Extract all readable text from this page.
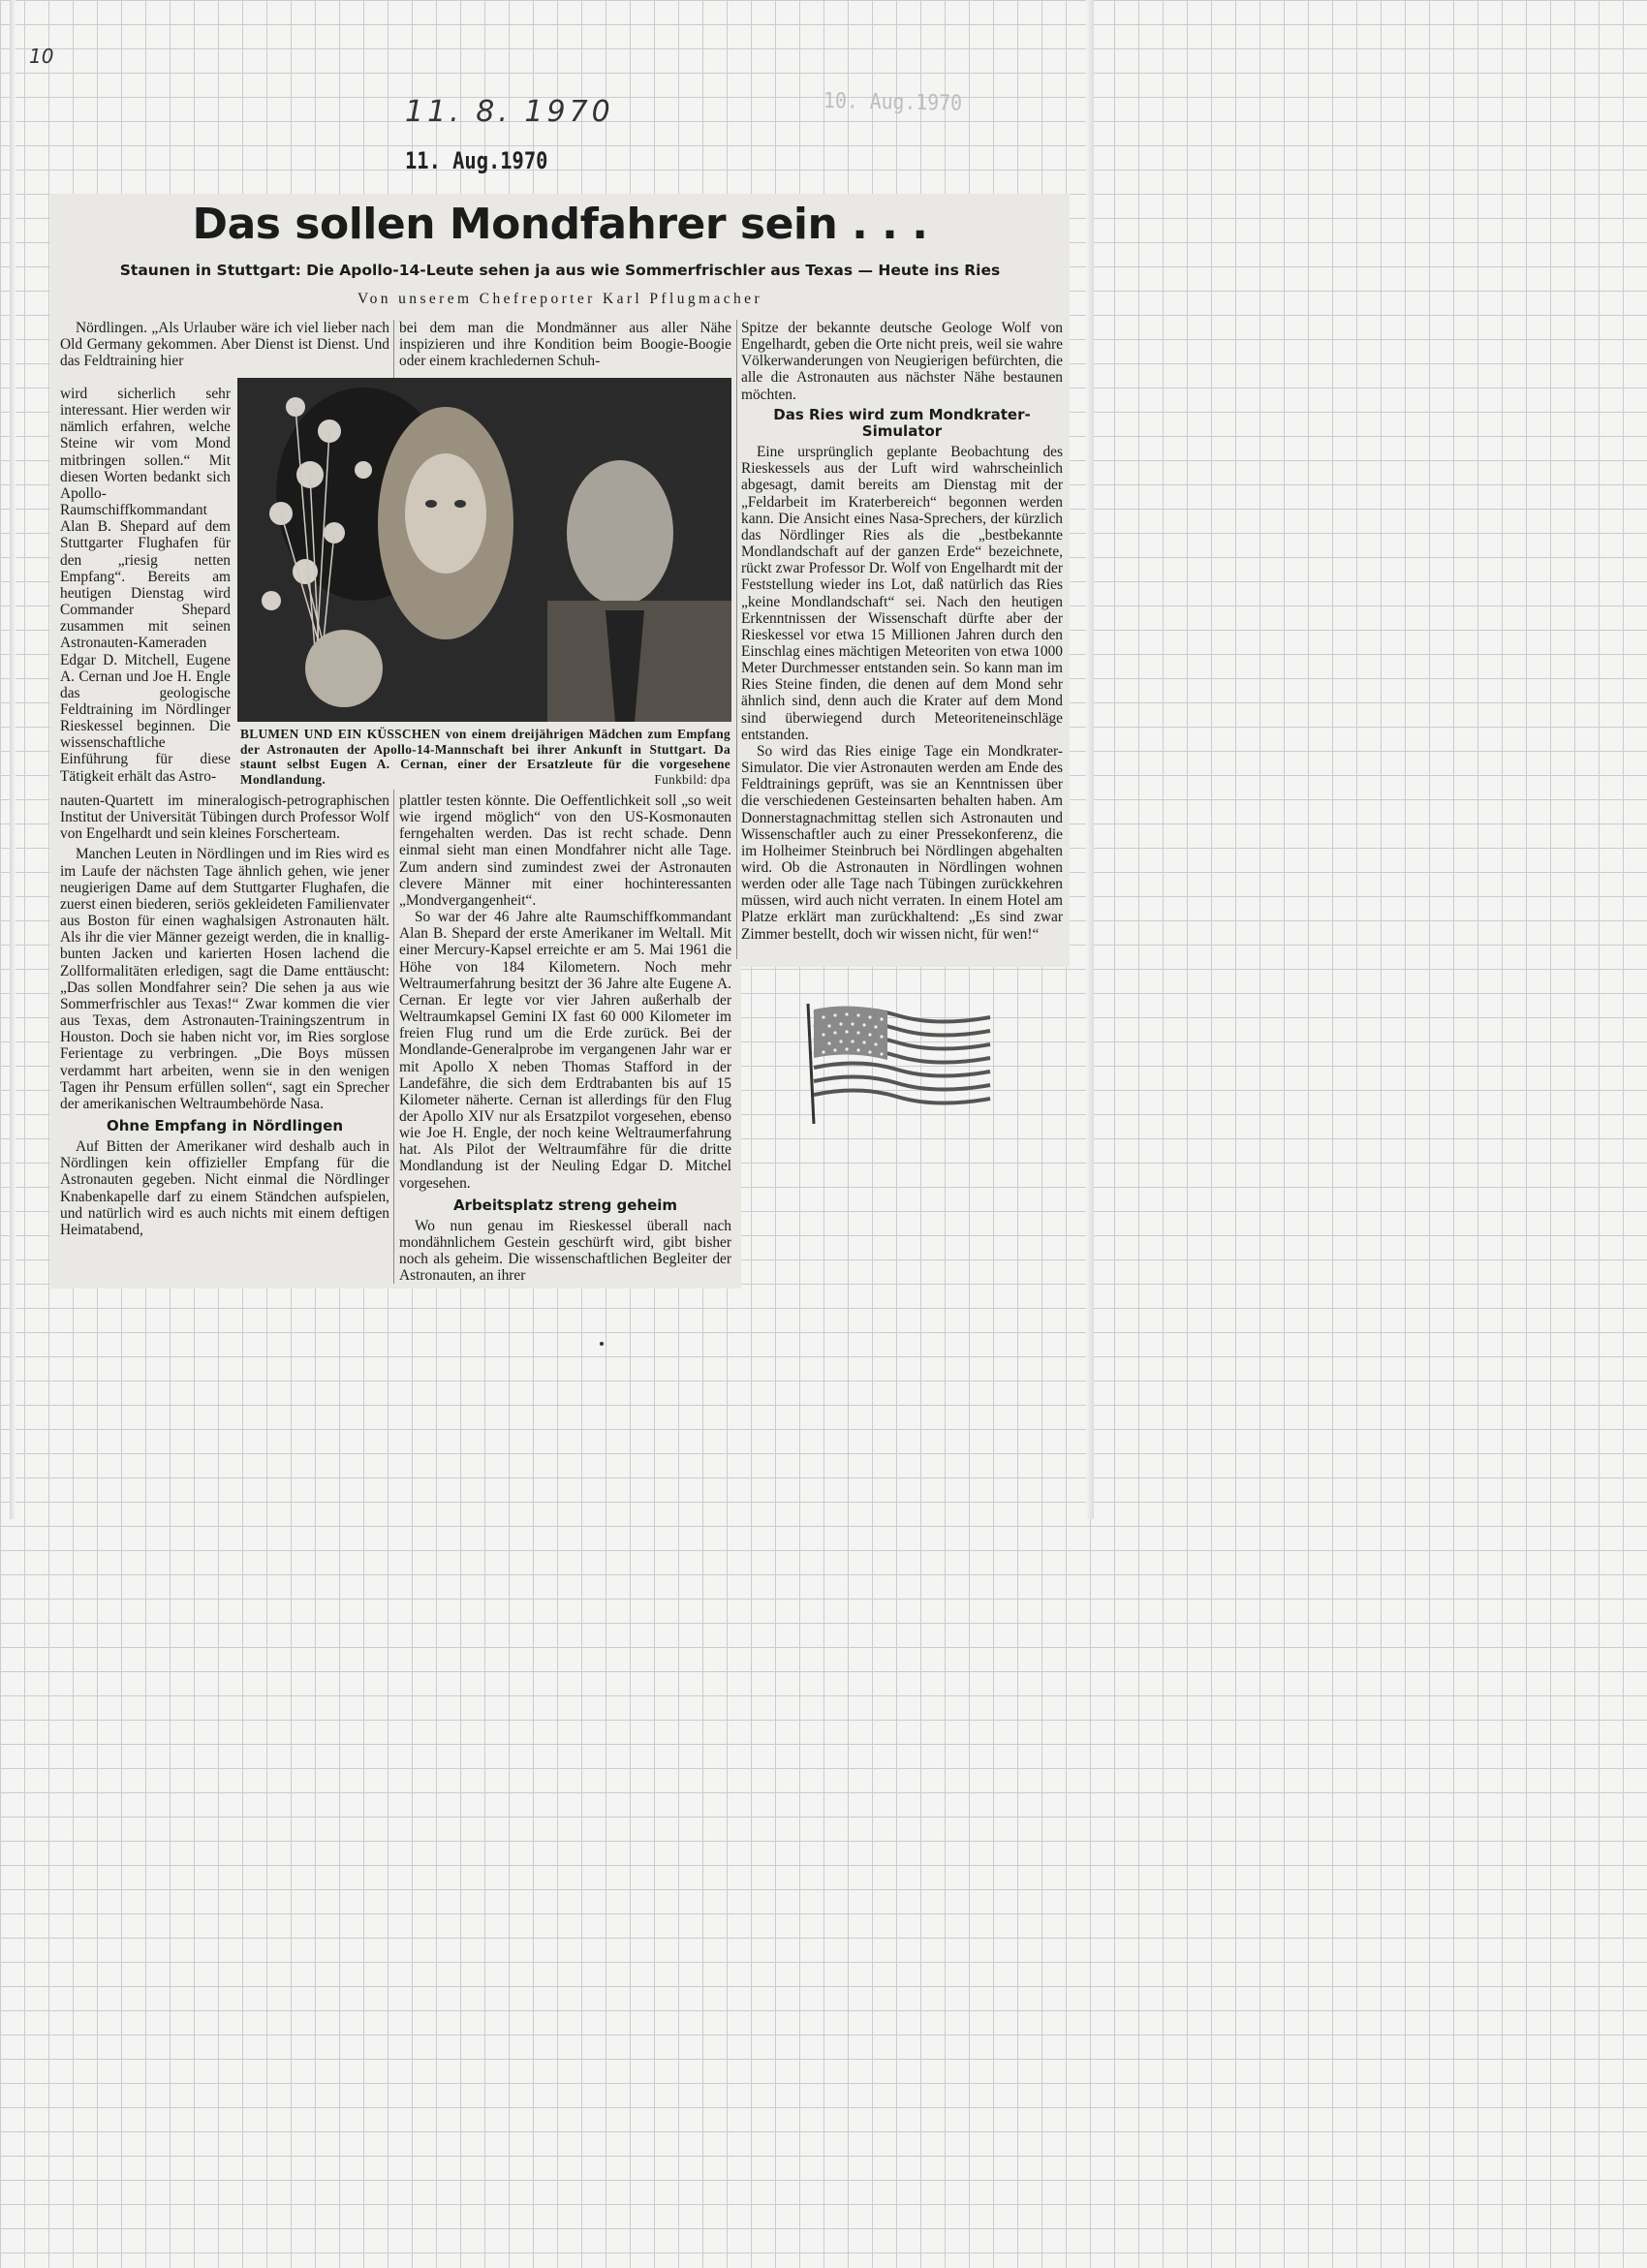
10
11. 8. 1970
11. Aug.1970
10. Aug.1970
Das sollen Mondfahrer sein . . .
Staunen in Stuttgart: Die Apollo-14-Leute sehen ja aus wie Sommerfrischler aus Texas — Heute ins Ries
Von unserem Chefreporter Karl Pflugmacher

Nördlingen. „Als Urlauber wäre ich viel lieber nach Old Germany gekommen. Aber Dienst ist Dienst. Und das Feldtraining hier

wird sicherlich sehr interessant. Hier werden wir nämlich erfahren, welche Steine wir vom Mond mitbringen sollen.“ Mit diesen Worten bedankt sich Apollo-Raumschiffkommandant Alan B. Shepard auf dem Stuttgarter Flughafen für den „riesig netten Empfang“. Bereits am heutigen Dienstag wird Commander Shepard zusammen mit seinen Astronauten-Kameraden Edgar D. Mitchell, Eugene A. Cernan und Joe H. Engle das geologische Feldtraining im Nördlinger Rieskessel beginnen. Die wissenschaftliche Einführung für diese Tätigkeit erhält das Astro-

nauten-Quartett im mineralogisch-petrographischen Institut der Universität Tübingen durch Professor Wolf von Engelhardt und sein kleines Forscherteam.

Manchen Leuten in Nördlingen und im Ries wird es im Laufe der nächsten Tage ähnlich gehen, wie jener neugierigen Dame auf dem Stuttgarter Flughafen, die zuerst einen biederen, seriös gekleideten Familienvater aus Boston für einen waghalsigen Astronauten hält. Als ihr die vier Männer gezeigt werden, die in knallig-bunten Jacken und karierten Hosen lachend die Zollformalitäten erledigen, sagt die Dame enttäuscht: „Das sollen Mondfahrer sein? Die sehen ja aus wie Sommerfrischler aus Texas!“ Zwar kommen die vier aus Texas, dem Astronauten-Trainingszentrum in Houston. Doch sie haben nicht vor, im Ries sorglose Ferientage zu verbringen. „Die Boys müssen verdammt hart arbeiten, wenn sie in den wenigen Tagen ihr Pensum erfüllen sollen“, sagt ein Sprecher der amerikanischen Weltraumbehörde Nasa.

Ohne Empfang in Nördlingen

Auf Bitten der Amerikaner wird deshalb auch in Nördlingen kein offizieller Empfang für die Astronauten gegeben. Nicht einmal die Nördlinger Knabenkapelle darf zu einem Ständchen aufspielen, und natürlich wird es auch nichts mit einem deftigen Heimatabend,

bei dem man die Mondmänner aus aller Nähe inspizieren und ihre Kondition beim Boogie-Boogie oder einem krachledernen Schuh-

BLUMEN UND EIN KÜSSCHEN von einem dreijährigen Mädchen zum Empfang der Astronauten der Apollo-14-Mannschaft bei ihrer Ankunft in Stuttgart. Da staunt selbst Eugen A. Cernan, einer der Ersatzleute für die vorgesehene Mondlandung.	Funkbild: dpa

plattler testen könnte. Die Oeffentlichkeit soll „so weit wie irgend möglich“ von den US-Kosmonauten ferngehalten werden. Das ist recht schade. Denn einmal sieht man einen Mondfahrer nicht alle Tage. Zum andern sind zumindest zwei der Astronauten clevere Männer mit einer hochinteressanten „Mondvergangenheit“.

So war der 46 Jahre alte Raumschiffkommandant Alan B. Shepard der erste Amerikaner im Weltall. Mit einer Mercury-Kapsel erreichte er am 5. Mai 1961 die Höhe von 184 Kilometern. Noch mehr Weltraumerfahrung besitzt der 36 Jahre alte Eugene A. Cernan. Er legte vor vier Jahren außerhalb der Weltraumkapsel Gemini IX fast 60 000 Kilometer im freien Flug rund um die Erde zurück. Bei der Mondlande-Generalprobe im vergangenen Jahr war er mit Apollo X neben Thomas Stafford in der Landefähre, die sich dem Erdtrabanten bis auf 15 Kilometer näherte. Cernan ist allerdings für den Flug der Apollo XIV nur als Ersatzpilot vorgesehen, ebenso wie Joe H. Engle, der noch keine Weltraumerfahrung hat. Als Pilot der Weltraumfähre für die dritte Mondlandung ist der Neuling Edgar D. Mitchel vorgesehen.

Arbeitsplatz streng geheim

Wo nun genau im Rieskessel überall nach mondähnlichem Gestein geschürft wird, gibt bisher noch als geheim. Die wissenschaftlichen Begleiter der Astronauten, an ihrer

Spitze der bekannte deutsche Geologe Wolf von Engelhardt, geben die Orte nicht preis, weil sie wahre Völkerwanderungen von Neugierigen befürchten, die alle die Astronauten aus nächster Nähe bestaunen möchten.

Das Ries wird zum Mondkrater-Simulator

Eine ursprünglich geplante Beobachtung des Rieskessels aus der Luft wird wahrscheinlich abgesagt, damit bereits am Dienstag mit der „Feldarbeit im Kraterbereich“ begonnen werden kann. Die Ansicht eines Nasa-Sprechers, der kürzlich das Nördlinger Ries als die „bestbekannte Mondlandschaft auf der ganzen Erde“ bezeichnete, rückt zwar Professor Dr. Wolf von Engelhardt mit der Feststellung wieder ins Lot, daß natürlich das Ries „keine Mondlandschaft“ sei. Nach den heutigen Erkenntnissen der Wissenschaft dürfte aber der Rieskessel vor etwa 15 Millionen Jahren durch den Einschlag eines mächtigen Meteoriten von etwa 1000 Meter Durchmesser entstanden sein. So kann man im Ries Steine finden, die denen auf dem Mond sehr ähnlich sind, denn auch die Krater auf dem Mond sind überwiegend durch Meteoriteneinschläge entstanden.

So wird das Ries einige Tage ein Mondkrater-Simulator. Die vier Astronauten werden am Ende des Feldtrainings geprüft, was sie an Kenntnissen über die verschiedenen Gesteinsarten behalten haben. Am Donnerstagnachmittag stellen sich Astronauten und Wissenschaftler auch zu einer Pressekonferenz, die im Holheimer Steinbruch bei Nördlingen abgehalten wird. Ob die Astronauten in Nördlingen wohnen werden oder alle Tage nach Tübingen zurückkehren müssen, wird auch nicht verraten. In einem Hotel am Platze erklärt man zurückhaltend: „Es sind zwar Zimmer bestellt, doch wir wissen nicht, für wen!“
